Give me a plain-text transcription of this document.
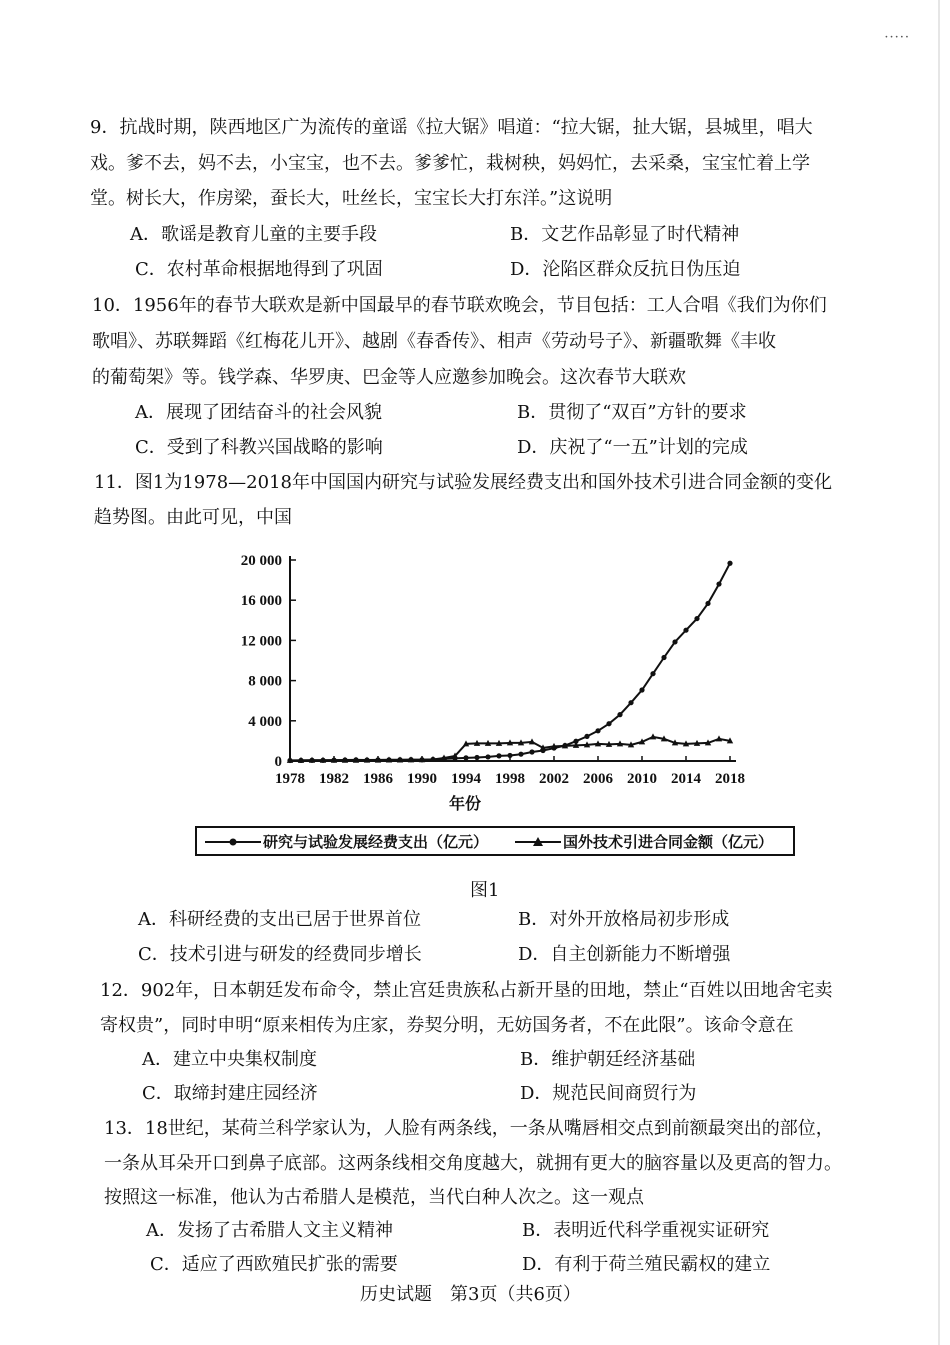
·····
9．抗战时期，陕西地区广为流传的童谣《拉大锯》唱道：“拉大锯，扯大锯，县城里，唱大
戏。爹不去，妈不去，小宝宝，也不去。爹爹忙，栽树秧，妈妈忙，去采桑，宝宝忙着上学
堂。树长大，作房梁，蚕长大，吐丝长，宝宝长大打东洋。”这说明
A．歌谣是教育儿童的主要手段	B．文艺作品彰显了时代精神
C．农村革命根据地得到了巩固	D．沦陷区群众反抗日伪压迫
10．1956年的春节大联欢是新中国最早的春节联欢晚会，节目包括：工人合唱《我们为你们
歌唱》、苏联舞蹈《红梅花儿开》、越剧《春香传》、相声《劳动号子》、新疆歌舞《丰收
的葡萄架》等。钱学森、华罗庚、巴金等人应邀参加晚会。这次春节大联欢
A．展现了团结奋斗的社会风貌	B．贯彻了“双百”方针的要求
C．受到了科教兴国战略的影响	D．庆祝了“一五”计划的完成
11．图1为1978—2018年中国国内研究与试验发展经费支出和国外技术引进合同金额的变化
趋势图。由此可见，中国
0
4 000
8 000
12 000
16 000
20 000
1978 1982 1986 1990 1994 1998 2002 2006 2010 2014 2018
年份
研究与试验发展经费支出（亿元）	国外技术引进合同金额（亿元）
图1
A．科研经费的支出已居于世界首位	B．对外开放格局初步形成
C．技术引进与研发的经费同步增长	D．自主创新能力不断增强
12．902年，日本朝廷发布命令，禁止宫廷贵族私占新开垦的田地，禁止“百姓以田地舍宅卖
寄权贵”，同时申明“原来相传为庄家，券契分明，无妨国务者，不在此限”。该命令意在
A．建立中央集权制度	B．维护朝廷经济基础
C．取缔封建庄园经济	D．规范民间商贸行为
13．18世纪，某荷兰科学家认为，人脸有两条线，一条从嘴唇相交点到前额最突出的部位，
一条从耳朵开口到鼻子底部。这两条线相交角度越大，就拥有更大的脑容量以及更高的智力。
按照这一标准，他认为古希腊人是模范，当代白种人次之。这一观点
A．发扬了古希腊人文主义精神	B．表明近代科学重视实证研究
C．适应了西欧殖民扩张的需要	D．有利于荷兰殖民霸权的建立
历史试题　第3页（共6页）
